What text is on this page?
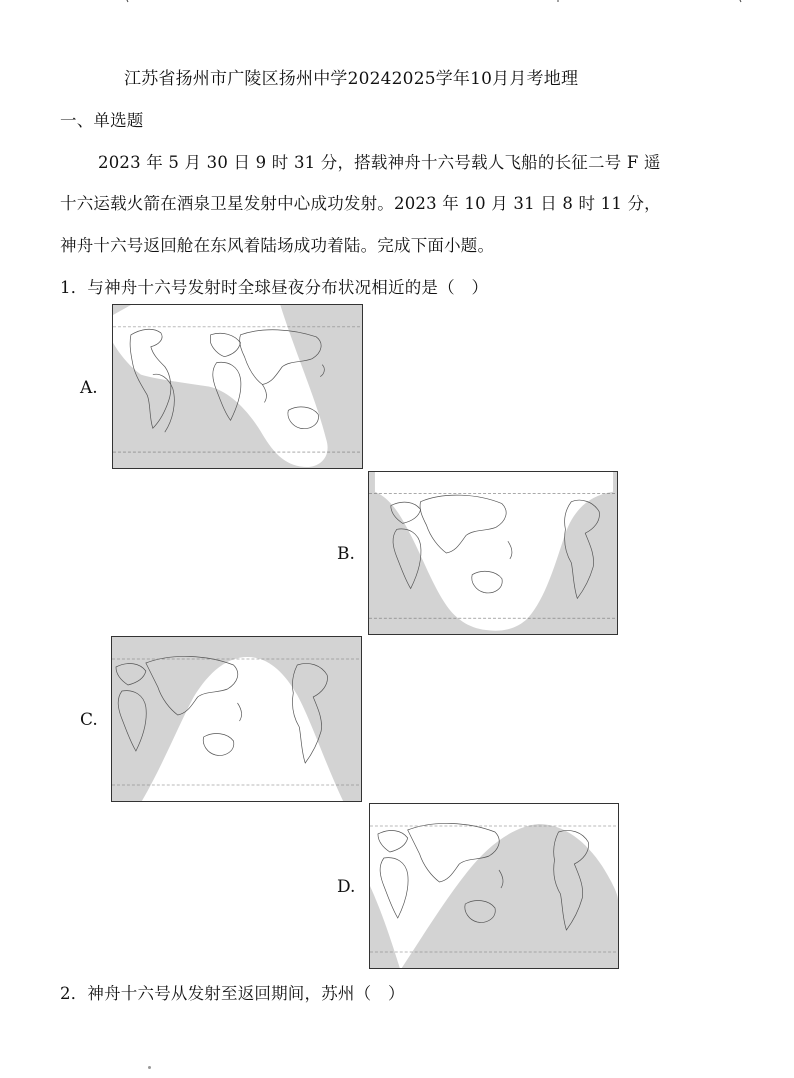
江苏省扬州市广陵区扬州中学20242025学年10月月考地理
一、单选题
2023 年 5 月 30 日 9 时 31 分，搭载神舟十六号载人飞船的长征二号 F 遥
十六运载火箭在酒泉卫星发射中心成功发射。2023 年 10 月 31 日 8 时 11 分，
神舟十六号返回舱在东风着陆场成功着陆。完成下面小题。
1．与神舟十六号发射时全球昼夜分布状况相近的是（　）
A.
B.
C.
D.
2．神舟十六号从发射至返回期间，苏州（　）
